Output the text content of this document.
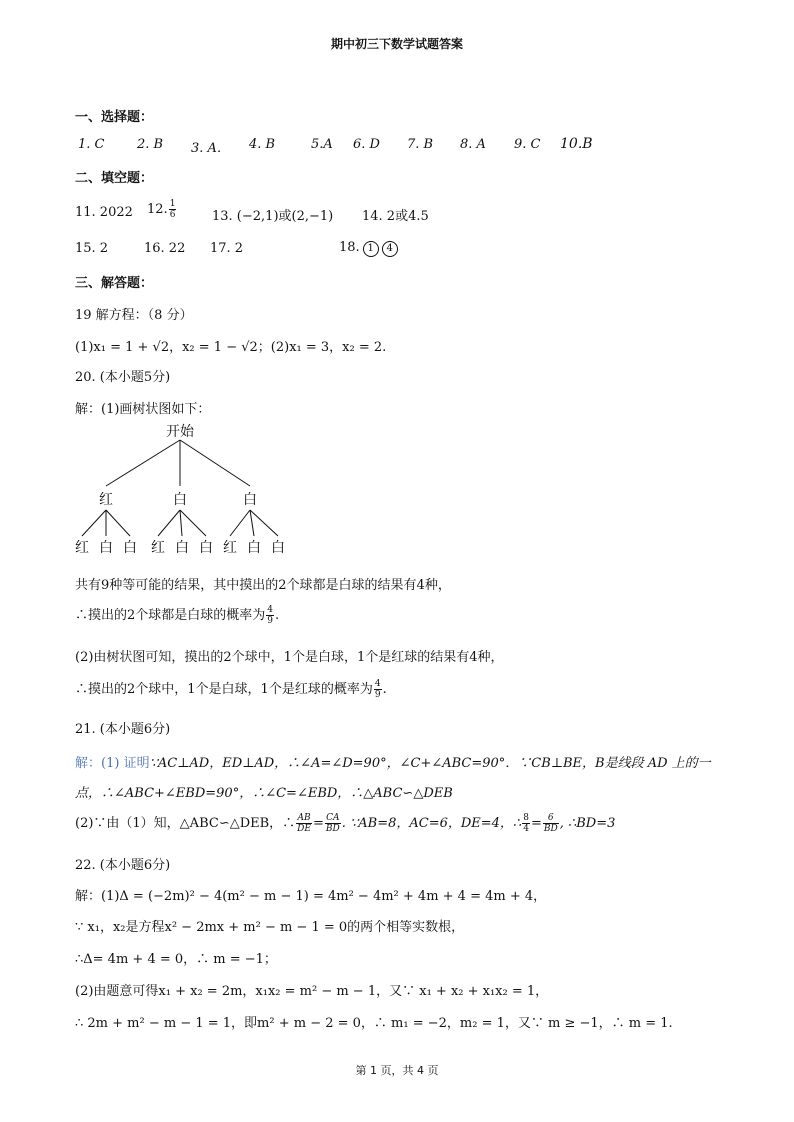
期中初三下数学试题答案
一、选择题：
1. C	2. B 3. A． 4. B	5.A 6. D 7. B 8. A 9. C 10.B
二、填空题：
11. 2022 12. $\frac{1}{6}$	13. (−2,1)或(2,−1) 14. 2或4.5
15. 2	16. 22 17. 2	18. 1 4
三、解答题：
19 解方程：（8 分）
(1)x₁ = 1 + √2，x₂ = 1 − √2；(2)x₁ = 3，x₂ = 2.
20. (本小题5分)
解：(1)画树状图如下：
开始
红	白	白
红 白 白 红 白 白 红 白 白
共有9种等可能的结果，其中摸出的2个球都是白球的结果有4种，
∴摸出的2个球都是白球的概率为 $\frac{4}{9}$ .
(2)由树状图可知，摸出的2个球中，1个是白球，1个是红球的结果有4种，
∴摸出的2个球中，1个是白球，1个是红球的概率为 $\frac{4}{9}$ .
21. (本小题6分)
解：(1) 证明∵AC⊥AD，ED⊥AD，∴∠A=∠D=90°，∠C+∠ABC=90°．∵CB⊥BE，B是线段 AD 上的一
点，∴∠ABC+∠EBD=90°，∴∠C=∠EBD，∴△ABC∽△DEB
(2)∵由（1）知，△ABC∽△DEB，∴ $\frac{AB}{DE} = \frac{CA}{BD}$ . ∵AB=8，AC=6，DE=4，∴ $\frac{8}{4} = \frac{6}{BD}$ , ∴BD=3
22. (本小题6分)
解：(1)Δ = (−2m)² − 4(m² − m − 1) = 4m² − 4m² + 4m + 4 = 4m + 4，
∵ x₁，x₂是方程x² − 2mx + m² − m − 1 = 0的两个相等实数根，
∴Δ= 4m + 4 = 0，∴ m = −1；
(2)由题意可得x₁ + x₂ = 2m，x₁x₂ = m² − m − 1，又∵ x₁ + x₂ + x₁x₂ = 1，
∴ 2m + m² − m − 1 = 1，即m² + m − 2 = 0，∴ m₁ = −2，m₂ = 1，又∵ m ≥ −1，∴ m = 1.
第 1 页，共 4 页
